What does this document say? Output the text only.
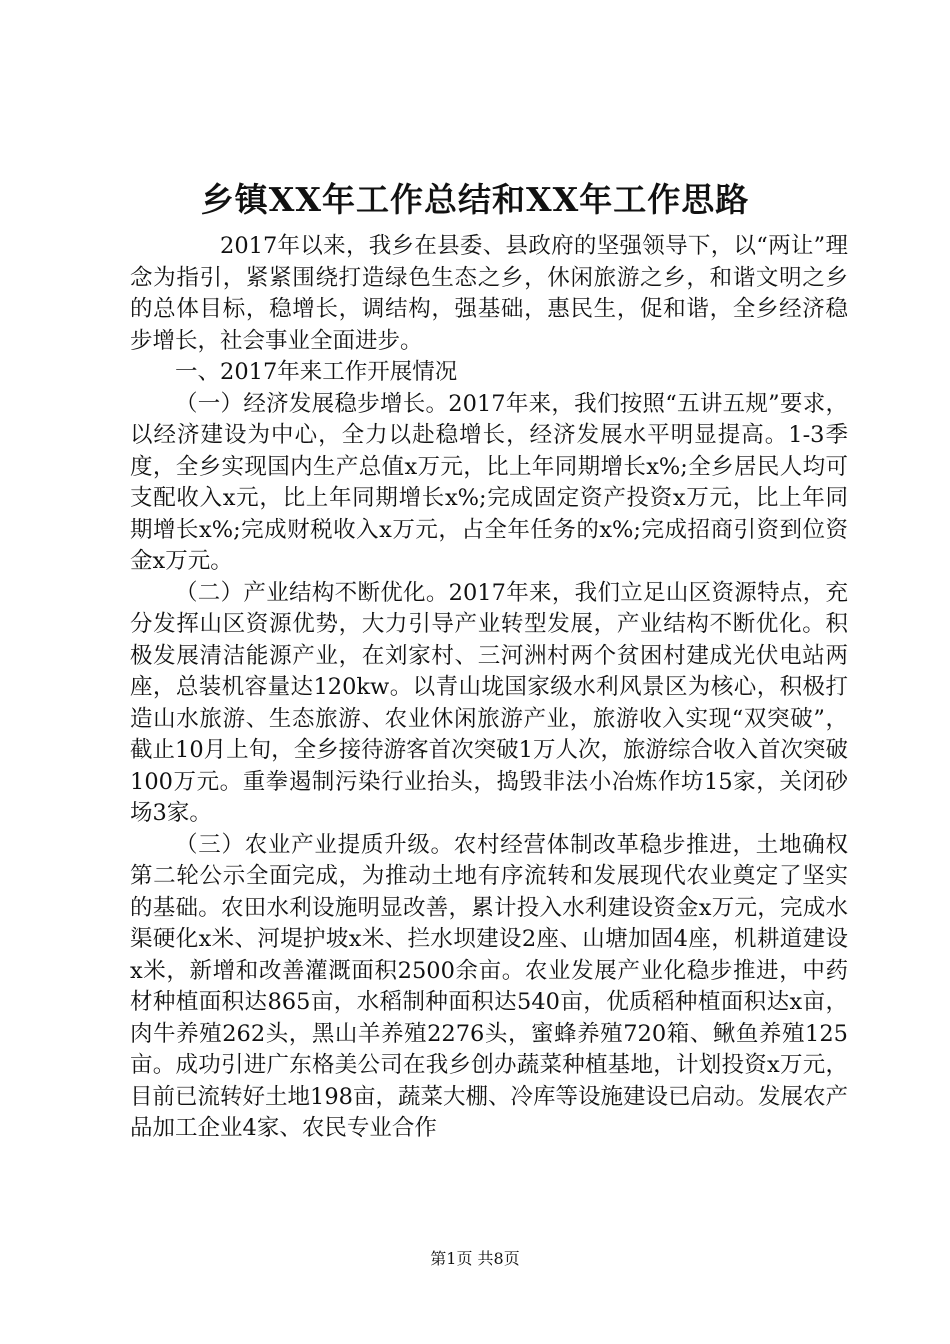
乡镇XX年工作总结和XX年工作思路

2017年以来，我乡在县委、县政府的坚强领导下，以“两让”理念为指引，紧紧围绕打造绿色生态之乡，休闲旅游之乡，和谐文明之乡的总体目标，稳增长，调结构，强基础，惠民生，促和谐，全乡经济稳步增长，社会事业全面进步。

一、2017年来工作开展情况

（一）经济发展稳步增长。2017年来，我们按照“五讲五规”要求，以经济建设为中心，全力以赴稳增长，经济发展水平明显提高。1-3季度，全乡实现国内生产总值x万元，比上年同期增长x%;全乡居民人均可支配收入x元，比上年同期增长x%;完成固定资产投资x万元，比上年同期增长x%;完成财税收入x万元，占全年任务的x%;完成招商引资到位资金x万元。

（二）产业结构不断优化。2017年来，我们立足山区资源特点，充分发挥山区资源优势，大力引导产业转型发展，产业结构不断优化。积极发展清洁能源产业，在刘家村、三河洲村两个贫困村建成光伏电站两座，总装机容量达120kw。以青山垅国家级水利风景区为核心，积极打造山水旅游、生态旅游、农业休闲旅游产业，旅游收入实现“双突破”，截止10月上旬，全乡接待游客首次突破1万人次，旅游综合收入首次突破100万元。重拳遏制污染行业抬头，捣毁非法小冶炼作坊15家，关闭砂场3家。

（三）农业产业提质升级。农村经营体制改革稳步推进，土地确权第二轮公示全面完成，为推动土地有序流转和发展现代农业奠定了坚实的基础。农田水利设施明显改善，累计投入水利建设资金x万元，完成水渠硬化x米、河堤护坡x米、拦水坝建设2座、山塘加固4座，机耕道建设x米，新增和改善灌溉面积2500余亩。农业发展产业化稳步推进，中药材种植面积达865亩，水稻制种面积达540亩，优质稻种植面积达x亩，肉牛养殖262头，黑山羊养殖2276头，蜜蜂养殖720箱、鳅鱼养殖125亩。成功引进广东格美公司在我乡创办蔬菜种植基地，计划投资x万元，目前已流转好土地198亩，蔬菜大棚、冷库等设施建设已启动。发展农产品加工企业4家、农民专业合作

第1页 共8页
